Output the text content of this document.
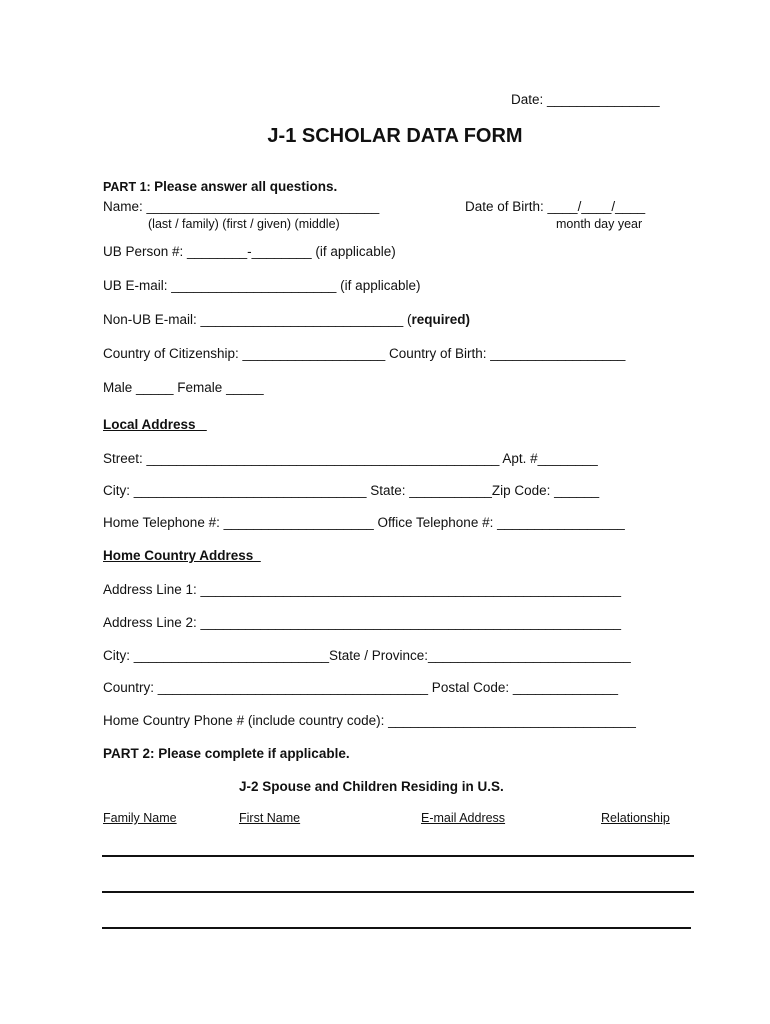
Date: _______________
J-1 SCHOLAR DATA FORM
PART 1: Please answer all questions.
Name: _______________________________
(last / family) (first / given) (middle)
Date of Birth: ____/____/____
month day year
UB Person #: ________-________ (if applicable)
UB E-mail: ______________________ (if applicable)
Non-UB E-mail: ___________________________ (required)
Country of Citizenship: ___________________ Country of Birth: __________________
Male _____ Female _____
Local Address
Street: _______________________________________________ Apt. #________
City: _______________________________ State: ___________Zip Code: ______
Home Telephone #: ____________________ Office Telephone #: _________________
Home Country Address
Address Line 1: ________________________________________________________
Address Line 2: ________________________________________________________
City: __________________________State / Province:___________________________
Country: ____________________________________ Postal Code: ______________
Home Country Phone # (include country code): _________________________________
PART 2: Please complete if applicable.
J-2 Spouse and Children Residing in U.S.
Family Name	First Name	E-mail Address	Relationship
